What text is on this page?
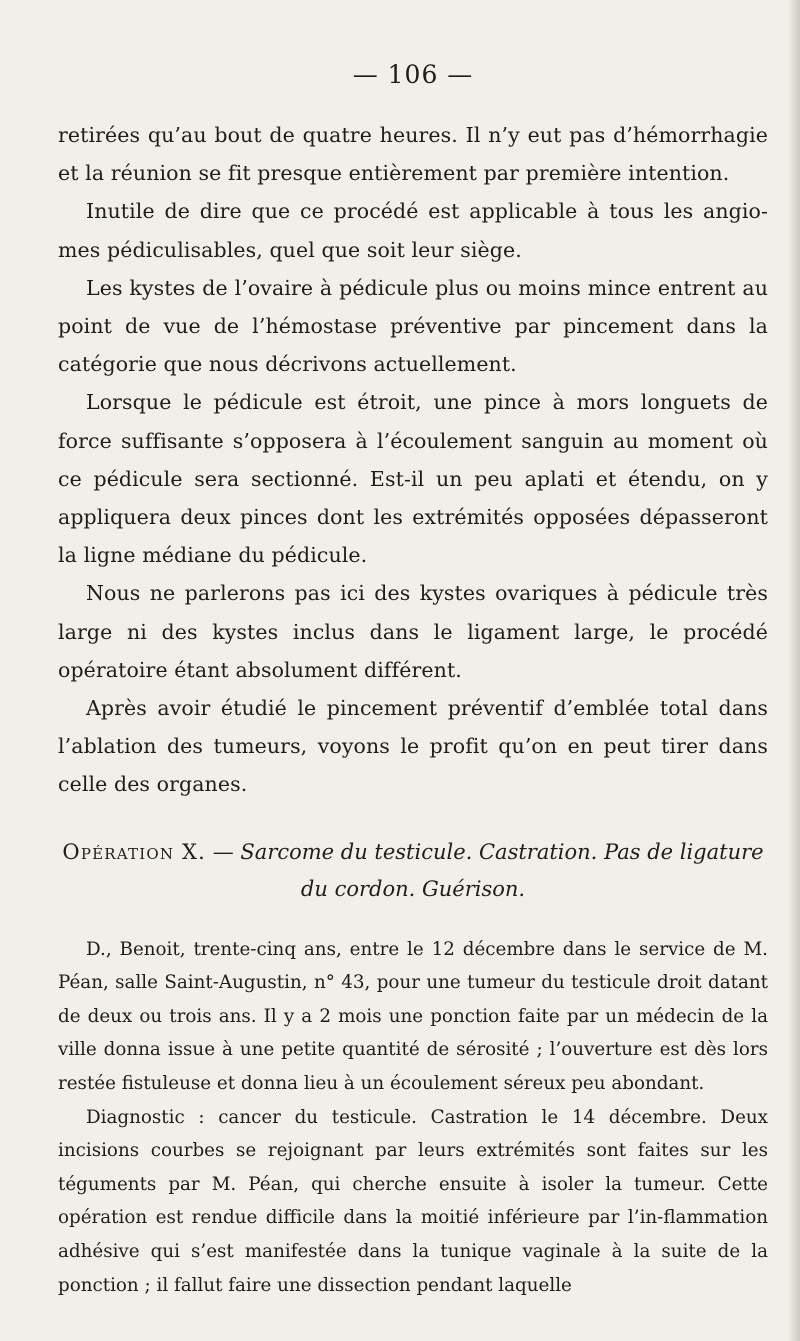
— 106 —

retirées qu’au bout de quatre heures. Il n’y eut pas d’hémorrhagie et la réunion se fit presque entièrement par première intention.

Inutile de dire que ce procédé est applicable à tous les angio-mes pédiculisables, quel que soit leur siège.

Les kystes de l’ovaire à pédicule plus ou moins mince entrent au point de vue de l’hémostase préventive par pincement dans la catégorie que nous décrivons actuellement.

Lorsque le pédicule est étroit, une pince à mors longuets de force suffisante s’opposera à l’écoulement sanguin au moment où ce pédicule sera sectionné. Est-il un peu aplati et étendu, on y appliquera deux pinces dont les extrémités opposées dépasseront la ligne médiane du pédicule.

Nous ne parlerons pas ici des kystes ovariques à pédicule très large ni des kystes inclus dans le ligament large, le procédé opératoire étant absolument différent.

Après avoir étudié le pincement préventif d’emblée total dans l’ablation des tumeurs, voyons le profit qu’on en peut tirer dans celle des organes.

Opération X. — Sarcome du testicule. Castration. Pas de ligature du cordon. Guérison.

D., Benoit, trente-cinq ans, entre le 12 décembre dans le service de M. Péan, salle Saint-Augustin, n° 43, pour une tumeur du testicule droit datant de deux ou trois ans. Il y a 2 mois une ponction faite par un médecin de la ville donna issue à une petite quantité de sérosité ; l’ouverture est dès lors restée fistuleuse et donna lieu à un écoulement séreux peu abondant.

Diagnostic : cancer du testicule. Castration le 14 décembre. Deux incisions courbes se rejoignant par leurs extrémités sont faites sur les téguments par M. Péan, qui cherche ensuite à isoler la tumeur. Cette opération est rendue difficile dans la moitié inférieure par l’in-flammation adhésive qui s’est manifestée dans la tunique vaginale à la suite de la ponction ; il fallut faire une dissection pendant laquelle
